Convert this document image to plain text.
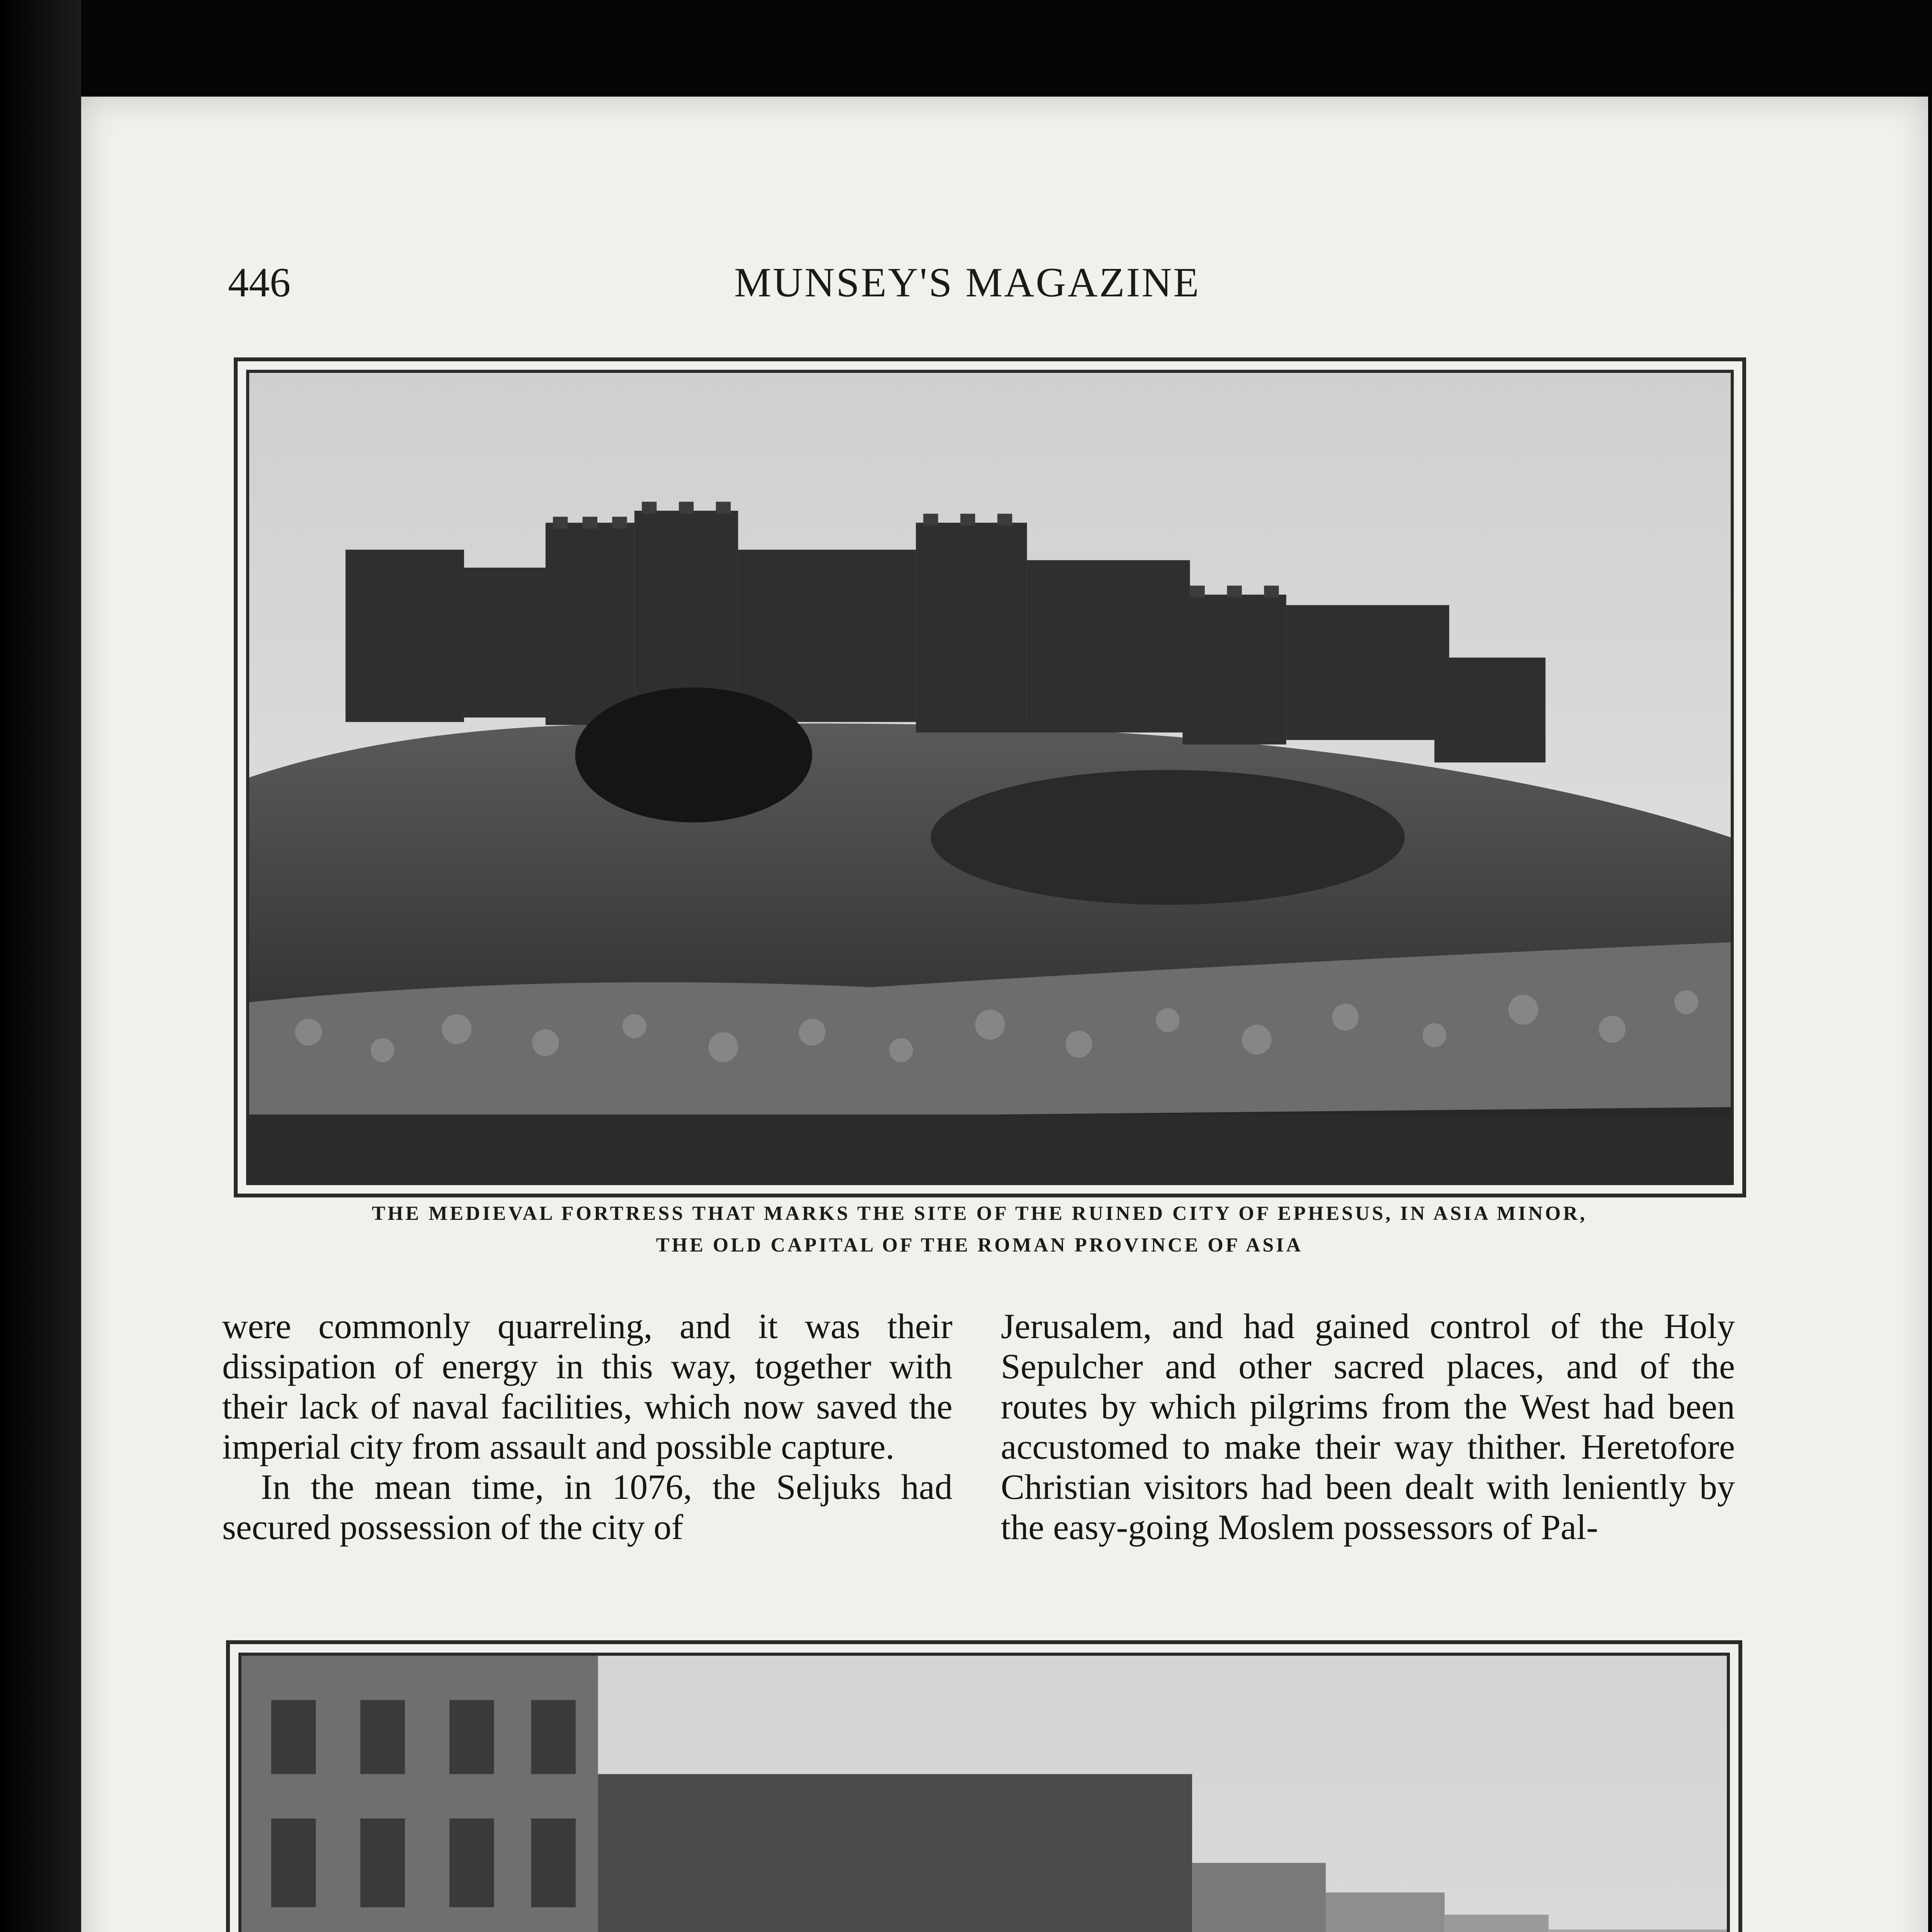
446	MUNSEY'S MAGAZINE
THE MEDIEVAL FORTRESS THAT MARKS THE SITE OF THE RUINED CITY OF EPHESUS, IN ASIA MINOR,
THE OLD CAPITAL OF THE ROMAN PROVINCE OF ASIA

were commonly quarreling, and it was their dissipation of energy in this way, together with their lack of naval facilities, which now saved the imperial city from assault and possible capture.

In the mean time, in 1076, the Seljuks had secured possession of the city of

Jerusalem, and had gained control of the Holy Sepulcher and other sacred places, and of the routes by which pilgrims from the West had been accustomed to make their way thither. Heretofore Christian visitors had been dealt with leniently by the easy-going Moslem possessors of Pal-
